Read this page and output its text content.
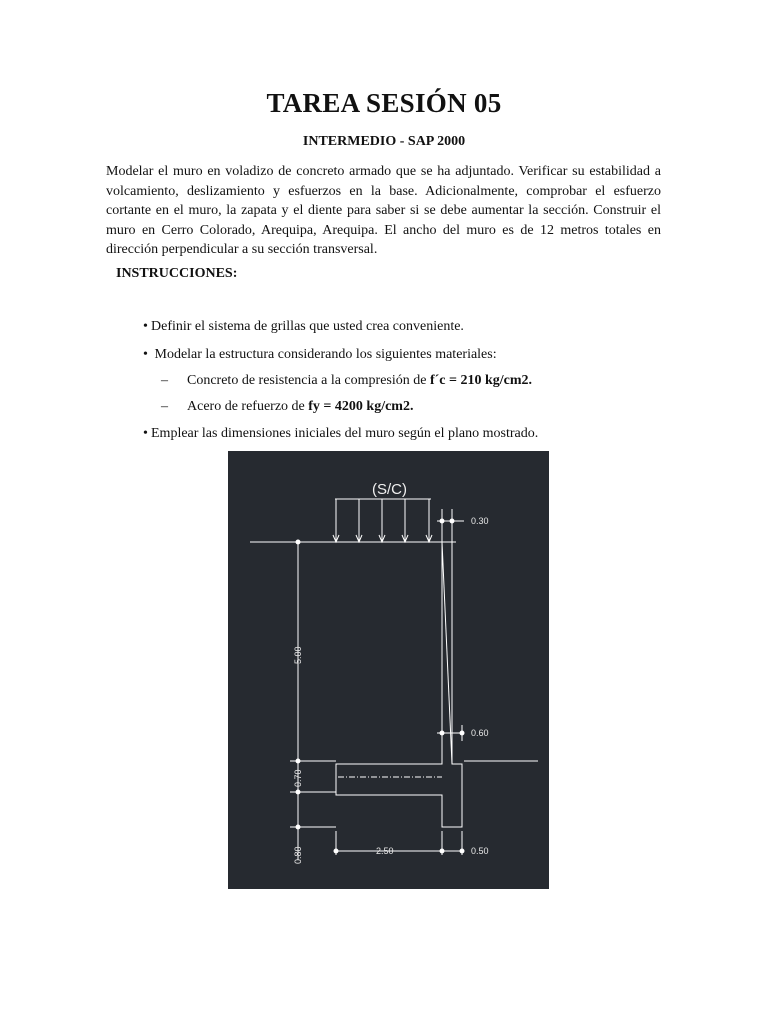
TAREA SESIÓN 05
INTERMEDIO - SAP 2000

Modelar el muro en voladizo de concreto armado que se ha adjuntado. Verificar su estabilidad a volcamiento, deslizamiento y esfuerzos en la base. Adicionalmente, comprobar el esfuerzo cortante en el muro, la zapata y el diente para saber si se debe aumentar la sección. Construir el muro en Cerro Colorado, Arequipa, Arequipa. El ancho del muro es de 12 metros totales en dirección perpendicular a su sección transversal.

INSTRUCCIONES:
• Definir el sistema de grillas que usted crea conveniente.
• Modelar la estructura considerando los siguientes materiales:
– Concreto de resistencia a la compresión de f´c = 210 kg/cm2.
– Acero de refuerzo de fy = 4200 kg/cm2.
• Emplear las dimensiones iniciales del muro según el plano mostrado.
(S/C)
0.30
0.60
2.50	0.50
5.00
0.70
0.80
